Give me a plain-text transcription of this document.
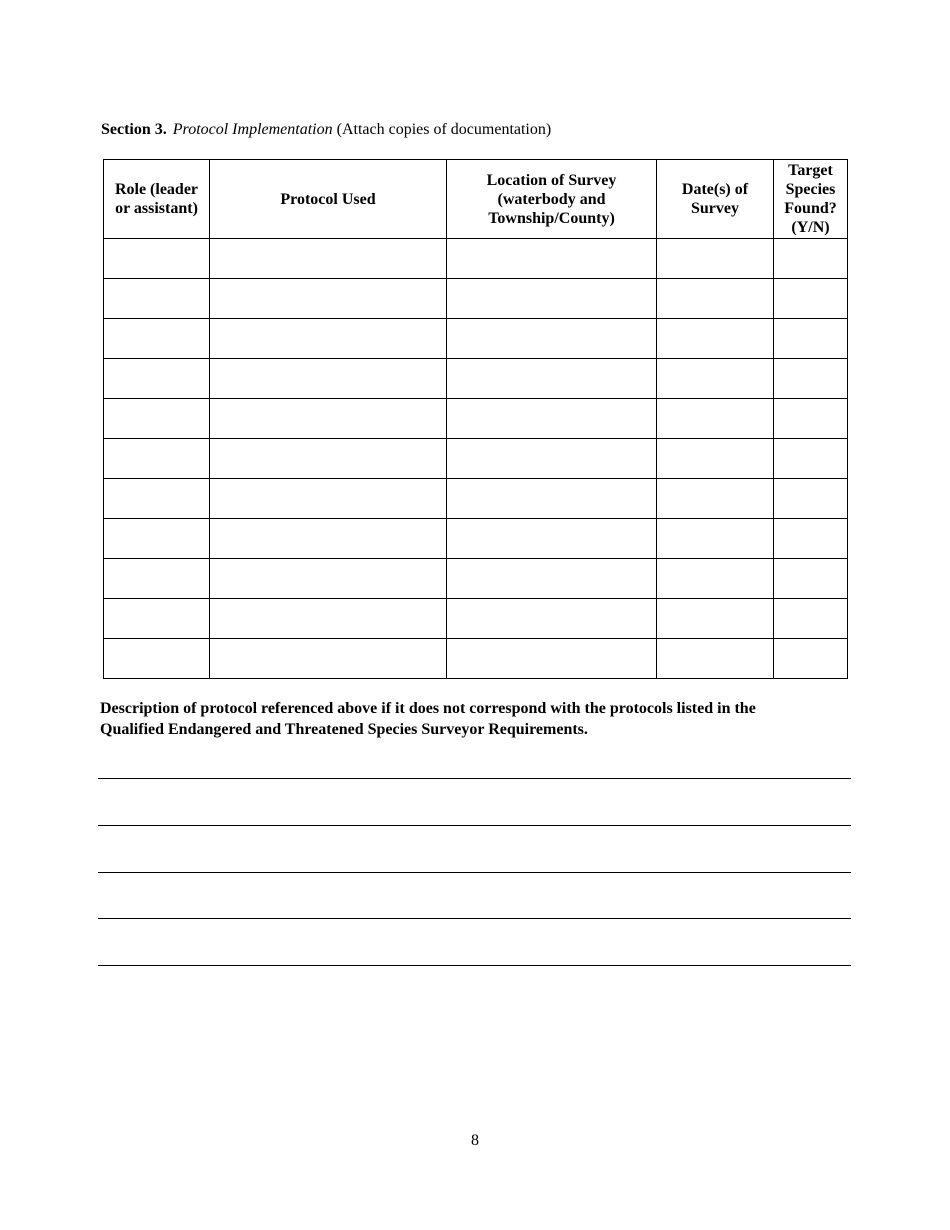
Section 3. Protocol Implementation (Attach copies of documentation)
Role (leader or assistant)	Protocol Used	Location of Survey (waterbody and Township/County)	Date(s) of Survey	Target Species Found? (Y/N)

Description of protocol referenced above if it does not correspond with the protocols listed in the
Qualified Endangered and Threatened Species Surveyor Requirements.
8
